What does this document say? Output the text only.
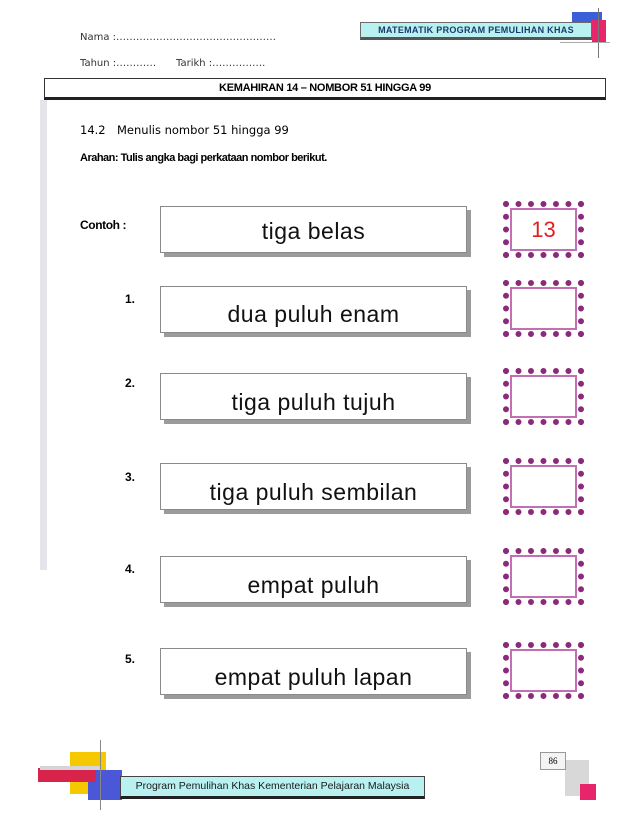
Nama :…………………………………………
Tahun :………… Tarikh :…………….
MATEMATIK PROGRAM PEMULIHAN KHAS
KEMAHIRAN 14 – NOMBOR 51 HINGGA 99
14.2 Menulis nombor 51 hingga 99
Arahan: Tulis angka bagi perkataan nombor berikut.
Contoh :	tiga belas	13
1.
dua puluh enam
2.
tiga puluh tujuh
3.
tiga puluh sembilan
4.
empat puluh
5.
empat puluh lapan
86
Program Pemulihan Khas Kementerian Pelajaran Malaysia
